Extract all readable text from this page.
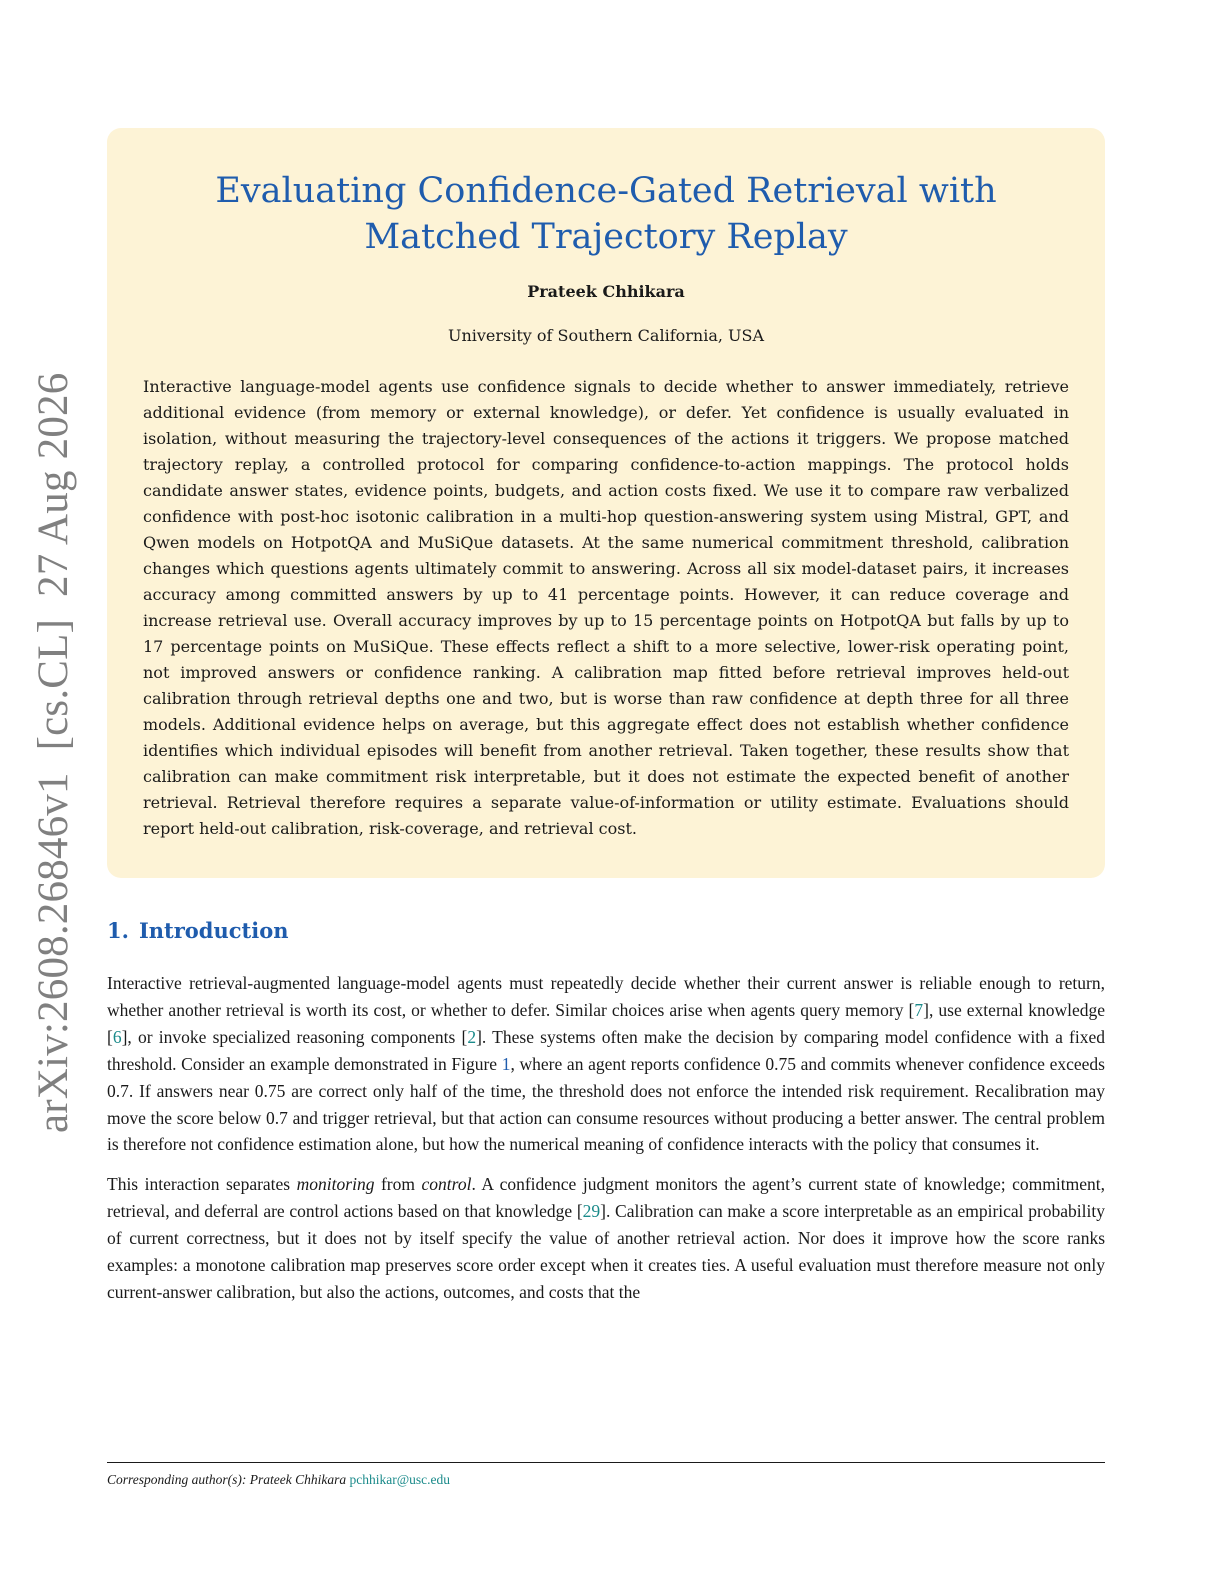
arXiv:2608.26846v1  [cs.CL]  27 Aug 2026
Evaluating Confidence-Gated Retrieval with
Matched Trajectory Replay
Prateek Chhikara
University of Southern California, USA

Interactive language-model agents use confidence signals to decide whether to answer immediately, retrieve additional evidence (from memory or external knowledge), or defer. Yet confidence is usually evaluated in isolation, without measuring the trajectory-level consequences of the actions it triggers. We propose matched trajectory replay, a controlled protocol for comparing confidence-to-action mappings. The protocol holds candidate answer states, evidence points, budgets, and action costs fixed. We use it to compare raw verbalized confidence with post-hoc isotonic calibration in a multi-hop question-answering system using Mistral, GPT, and Qwen models on HotpotQA and MuSiQue datasets. At the same numerical commitment threshold, calibration changes which questions agents ultimately commit to answering. Across all six model-dataset pairs, it increases accuracy among committed answers by up to 41 percentage points. However, it can reduce coverage and increase retrieval use. Overall accuracy improves by up to 15 percentage points on HotpotQA but falls by up to 17 percentage points on MuSiQue. These effects reflect a shift to a more selective, lower-risk operating point, not improved answers or confidence ranking. A calibration map fitted before retrieval improves held-out calibration through retrieval depths one and two, but is worse than raw confidence at depth three for all three models. Additional evidence helps on average, but this aggregate effect does not establish whether confidence identifies which individual episodes will benefit from another retrieval. Taken together, these results show that calibration can make commitment risk interpretable, but it does not estimate the expected benefit of another retrieval. Retrieval therefore requires a separate value-of-information or utility estimate. Evaluations should report held-out calibration, risk-coverage, and retrieval cost.

1. Introduction

Interactive retrieval-augmented language-model agents must repeatedly decide whether their current answer is reliable enough to return, whether another retrieval is worth its cost, or whether to defer. Similar choices arise when agents query memory [7], use external knowledge [6], or invoke specialized reasoning components [2]. These systems often make the decision by comparing model confidence with a fixed threshold. Consider an example demonstrated in Figure 1, where an agent reports confidence 0.75 and commits whenever confidence exceeds 0.7. If answers near 0.75 are correct only half of the time, the threshold does not enforce the intended risk requirement. Recalibration may move the score below 0.7 and trigger retrieval, but that action can consume resources without producing a better answer. The central problem is therefore not confidence estimation alone, but how the numerical meaning of confidence interacts with the policy that consumes it.

This interaction separates monitoring from control. A confidence judgment monitors the agent’s current state of knowledge; commitment, retrieval, and deferral are control actions based on that knowledge [29]. Calibration can make a score interpretable as an empirical probability of current correctness, but it does not by itself specify the value of another retrieval action. Nor does it improve how the score ranks examples: a monotone calibration map preserves score order except when it creates ties. A useful evaluation must therefore measure not only current-answer calibration, but also the actions, outcomes, and costs that the

Corresponding author(s): Prateek Chhikara pchhikar@usc.edu
